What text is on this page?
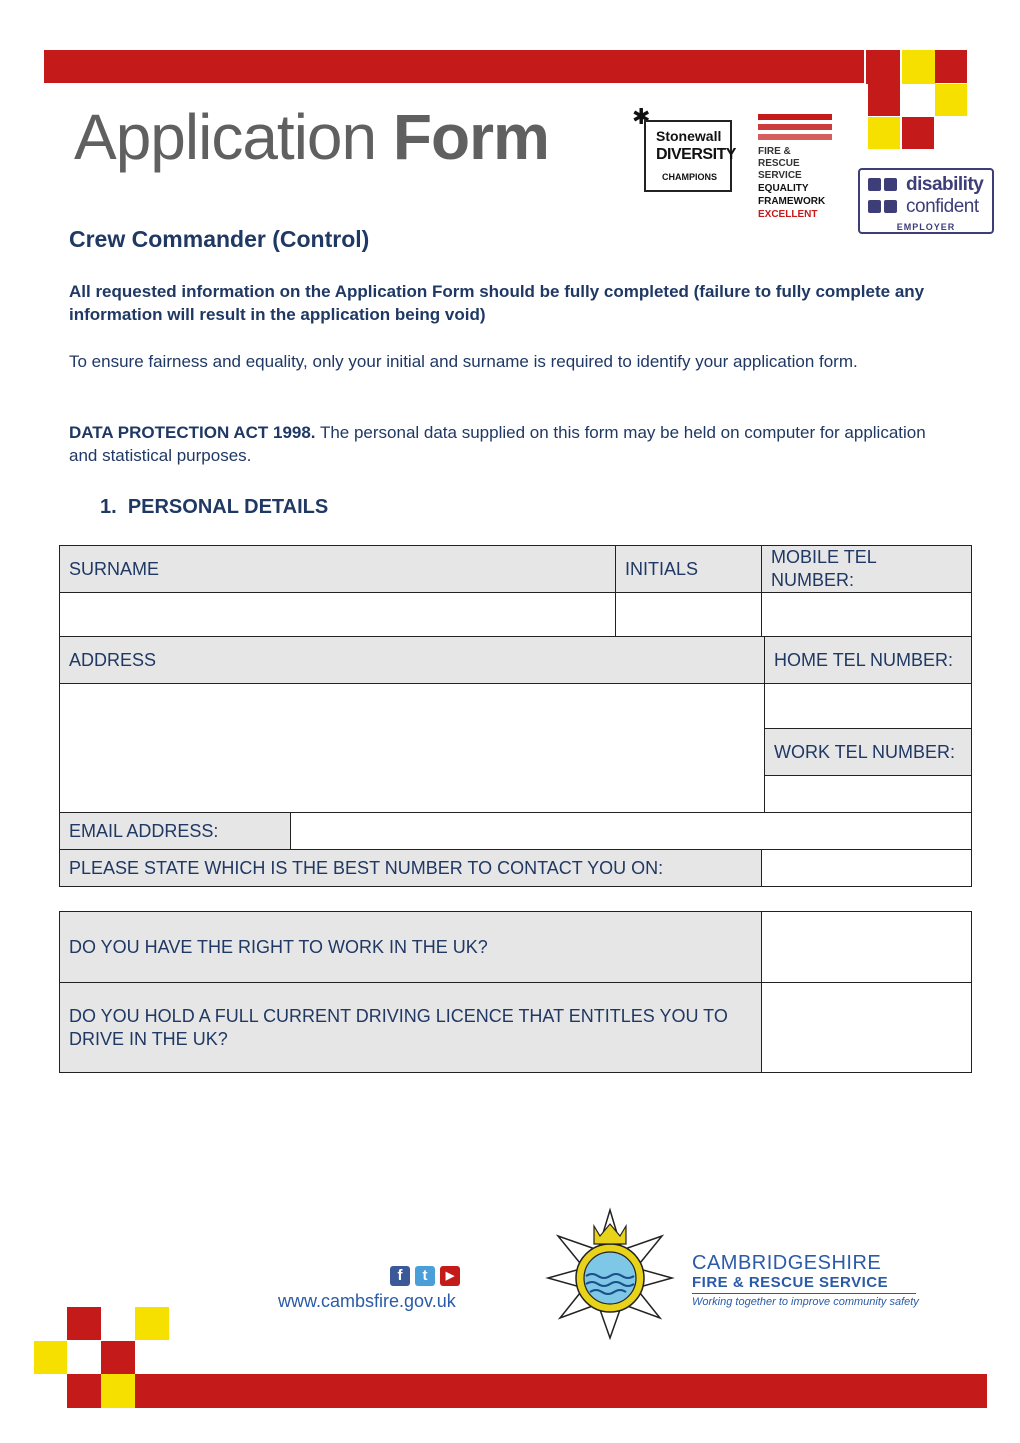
Application Form	✱
Stonewall
DIVERSITY
CHAMPIONS
FIRE &
RESCUE
SERVICE
EQUALITY
FRAMEWORK
EXCELLENT
disability
confident
EMPLOYER
Crew Commander (Control)
All requested information on the Application Form should be fully completed (failure to fully complete any information will result in the application being void)
To ensure fairness and equality, only your initial and surname is required to identify your application form.
DATA PROTECTION ACT 1998. The personal data supplied on this form may be held on computer for application and statistical purposes.
1. PERSONAL DETAILS
SURNAME		INITIALS	MOBILE TEL NUMBER:	

ADDRESS				HOME TEL NUMBER:

				WORK TEL NUMBER:

EMAIL ADDRESS:				
PLEASE STATE WHICH IS THE BEST NUMBER TO CONTACT YOU ON:				
DO YOU HAVE THE RIGHT TO WORK IN THE UK?	
DO YOU HOLD A FULL CURRENT DRIVING LICENCE THAT ENTITLES YOU TO DRIVE IN THE UK?	
f	t	▶
www.cambsfire.gov.uk
CAMBRIDGESHIRE
FIRE & RESCUE SERVICE
Working together to improve community safety
